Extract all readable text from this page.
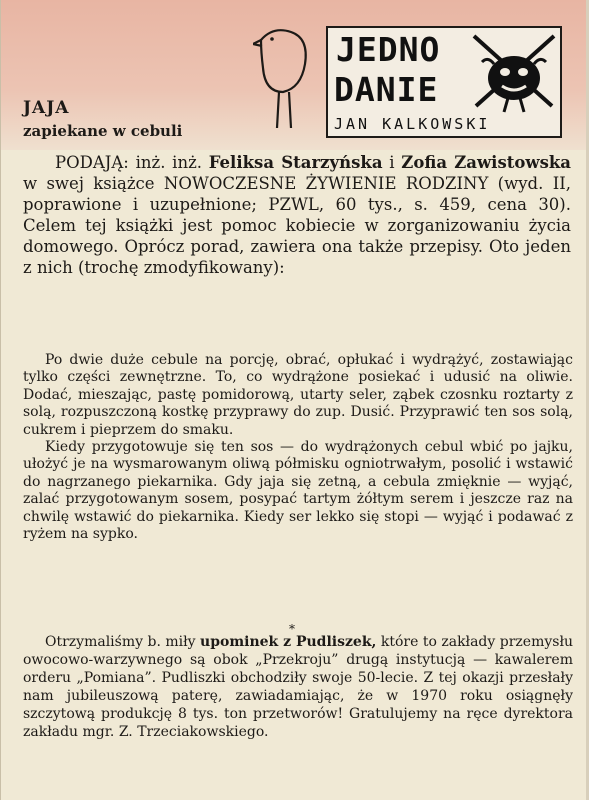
JEDNO
DANIE
JAN KALKOWSKI
JAJA
zapiekane w cebuli
PODAJĄ: inż. inż. Feliksa Starzyńska i Zofia Zawistowska w swej książce NOWOCZESNE ŻYWIENIE RODZINY (wyd. II, poprawione i uzupełnione; PZWL, 60 tys., s. 459, cena 30). Celem tej książki jest pomoc kobiecie w zorganizowaniu życia domowego. Oprócz porad, zawiera ona także przepisy. Oto jeden z nich (trochę zmodyfikowany):

Po dwie duże cebule na porcję, obrać, opłukać i wydrążyć, zostawiając tylko części zewnętrzne. To, co wydrążone posiekać i udusić na oliwie. Dodać, mieszając, pastę pomidorową, utarty seler, ząbek czosnku roztarty z solą, rozpuszczoną kostkę przyprawy do zup. Dusić. Przyprawić ten sos solą, cukrem i pieprzem do smaku.

Kiedy przygotowuje się ten sos — do wydrążonych cebul wbić po jajku, ułożyć je na wysmarowanym oliwą półmisku ogniotrwałym, posolić i wstawić do nagrzanego piekarnika. Gdy jaja się zetną, a cebula zmięknie — wyjąć, zalać przygotowanym sosem, posypać tartym żółtym serem i jeszcze raz na chwilę wstawić do piekarnika. Kiedy ser lekko się stopi — wyjąć i podawać z ryżem na sypko.

*
Otrzymaliśmy b. miły upominek z Pudliszek, które to zakłady przemysłu owocowo-warzywnego są obok „Przekroju” drugą instytucją — kawalerem orderu „Pomiana”. Pudliszki obchodziły swoje 50-lecie. Z tej okazji przesłały nam jubileuszową paterę, zawiadamiając, że w 1970 roku osiągnęły szczytową produkcję 8 tys. ton przetworów! Gratulujemy na ręce dyrektora zakładu mgr. Z. Trzeciakowskiego.
